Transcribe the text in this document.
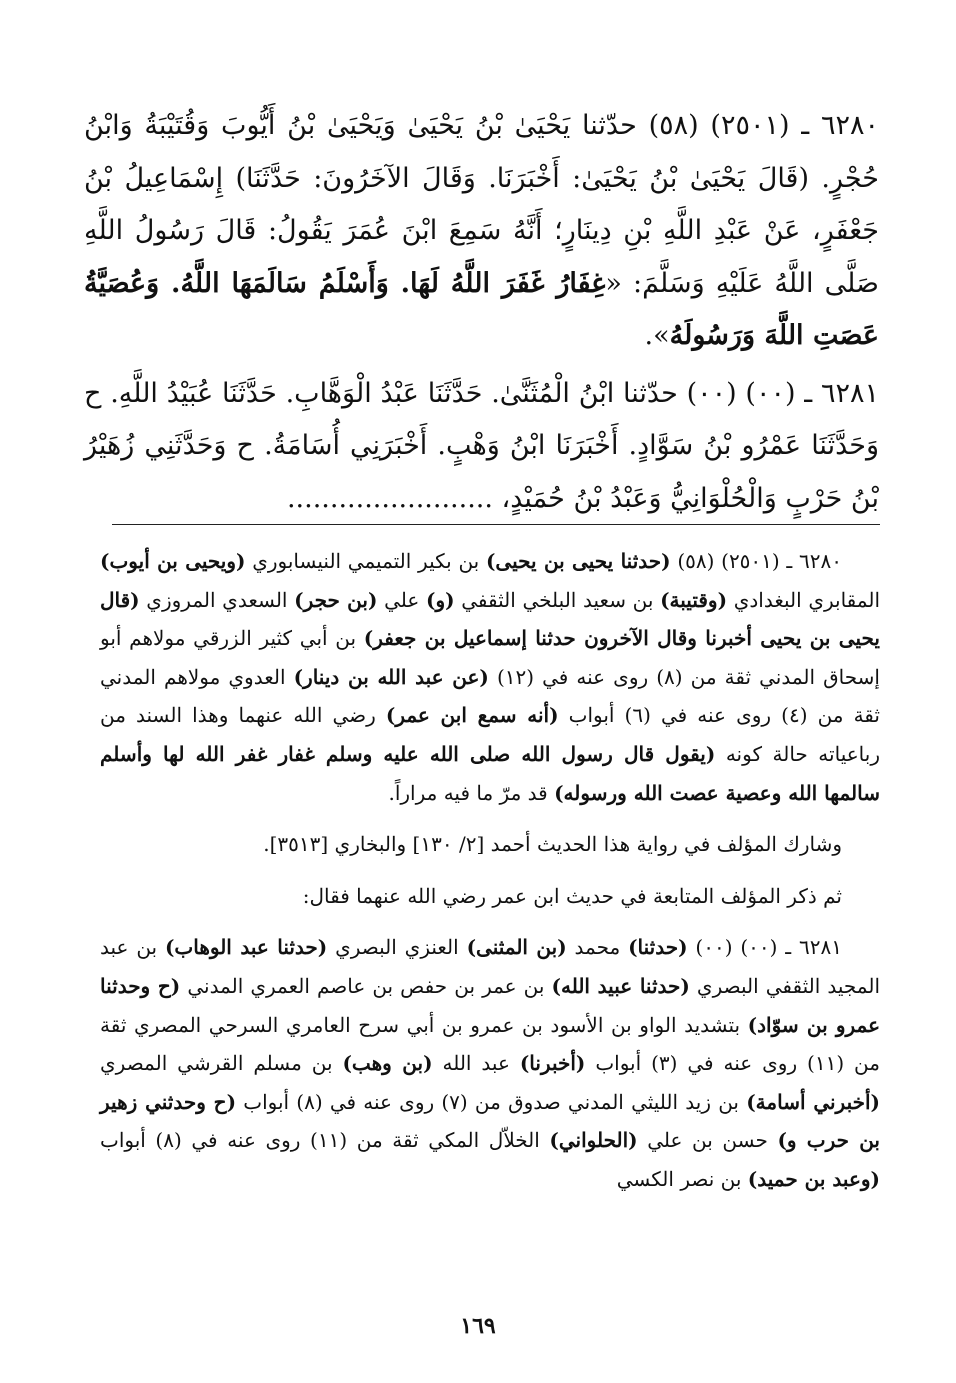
٦٢٨٠ ـ (٢٥٠١) (٥٨) حدّثنا يَحْيَىٰ بْنُ يَحْيَىٰ وَيَحْيَىٰ بْنُ أَيُّوبَ وَقُتَيْبَةُ وَابْنُ حُجْرٍ. (قَالَ يَحْيَىٰ بْنُ يَحْيَىٰ: أَخْبَرَنَا. وَقَالَ الآخَرُونَ: حَدَّثَنَا) إِسْمَاعِيلُ بْنُ جَعْفَرٍ، عَنْ عَبْدِ اللَّهِ بْنِ دِينَارٍ؛ أَنَّهُ سَمِعَ ابْنَ عُمَرَ يَقُولُ: قَالَ رَسُولُ اللَّهِ صَلَّى اللَّهُ عَلَيْهِ وَسَلَّمَ: «غِفَارُ غَفَرَ اللَّهُ لَهَا. وَأَسْلَمُ سَالَمَهَا اللَّهُ. وَعُصَيَّةُ عَصَتِ اللَّهَ وَرَسُولَهُ».

٦٢٨١ ـ (٠٠) (٠٠) حدّثنا ابْنُ الْمُثَنَّىٰ. حَدَّثَنَا عَبْدُ الْوَهَّابِ. حَدَّثَنَا عُبَيْدُ اللَّهِ. ح وَحَدَّثَنَا عَمْرُو بْنُ سَوَّادٍ. أَخْبَرَنَا ابْنُ وَهْبٍ. أَخْبَرَنِي أُسَامَةُ. ح وَحَدَّثَنِي زُهَيْرُ بْنُ حَرْبٍ وَالْحُلْوَانِيُّ وَعَبْدُ بْنُ حُمَيْدٍ، ........................

٦٢٨٠ ـ (٢٥٠١) (٥٨) (حدثنا يحيى بن يحيى) بن بكير التميمي النيسابوري (ويحيى بن أيوب) المقابري البغدادي (وقتيبة) بن سعيد البلخي الثقفي (و) علي (بن حجر) السعدي المروزي (قال يحيى بن يحيى أخبرنا وقال الآخرون حدثنا إسماعيل بن جعفر) بن أبي كثير الزرقي مولاهم أبو إسحاق المدني ثقة من (٨) روى عنه في (١٢) (عن عبد الله بن دينار) العدوي مولاهم المدني ثقة من (٤) روى عنه في (٦) أبواب (أنه سمع ابن عمر) رضي الله عنهما وهذا السند من رباعياته حالة كونه (يقول قال رسول الله صلى الله عليه وسلم غفار غفر الله لها وأسلم سالمها الله وعصية عصت الله ورسوله) قد مرّ ما فيه مراراً.

وشارك المؤلف في رواية هذا الحديث أحمد [٢/ ١٣٠] والبخاري [٣٥١٣].

ثم ذكر المؤلف المتابعة في حديث ابن عمر رضي الله عنهما فقال:

٦٢٨١ ـ (٠٠) (٠٠) (حدثنا) محمد (بن المثنى) العنزي البصري (حدثنا عبد الوهاب) بن عبد المجيد الثقفي البصري (حدثنا عبيد الله) بن عمر بن حفص بن عاصم العمري المدني (ح وحدثنا عمرو بن سوّاد) بتشديد الواو بن الأسود بن عمرو بن أبي سرح العامري السرحي المصري ثقة من (١١) روى عنه في (٣) أبواب (أخبرنا) عبد الله (بن وهب) بن مسلم القرشي المصري (أخبرني أسامة) بن زيد الليثي المدني صدوق من (٧) روى عنه في (٨) أبواب (ح وحدثني زهير بن حرب و) حسن بن علي (الحلواني) الخلاّل المكي ثقة من (١١) روى عنه في (٨) أبواب (وعبد بن حميد) بن نصر الكسي

١٦٩
